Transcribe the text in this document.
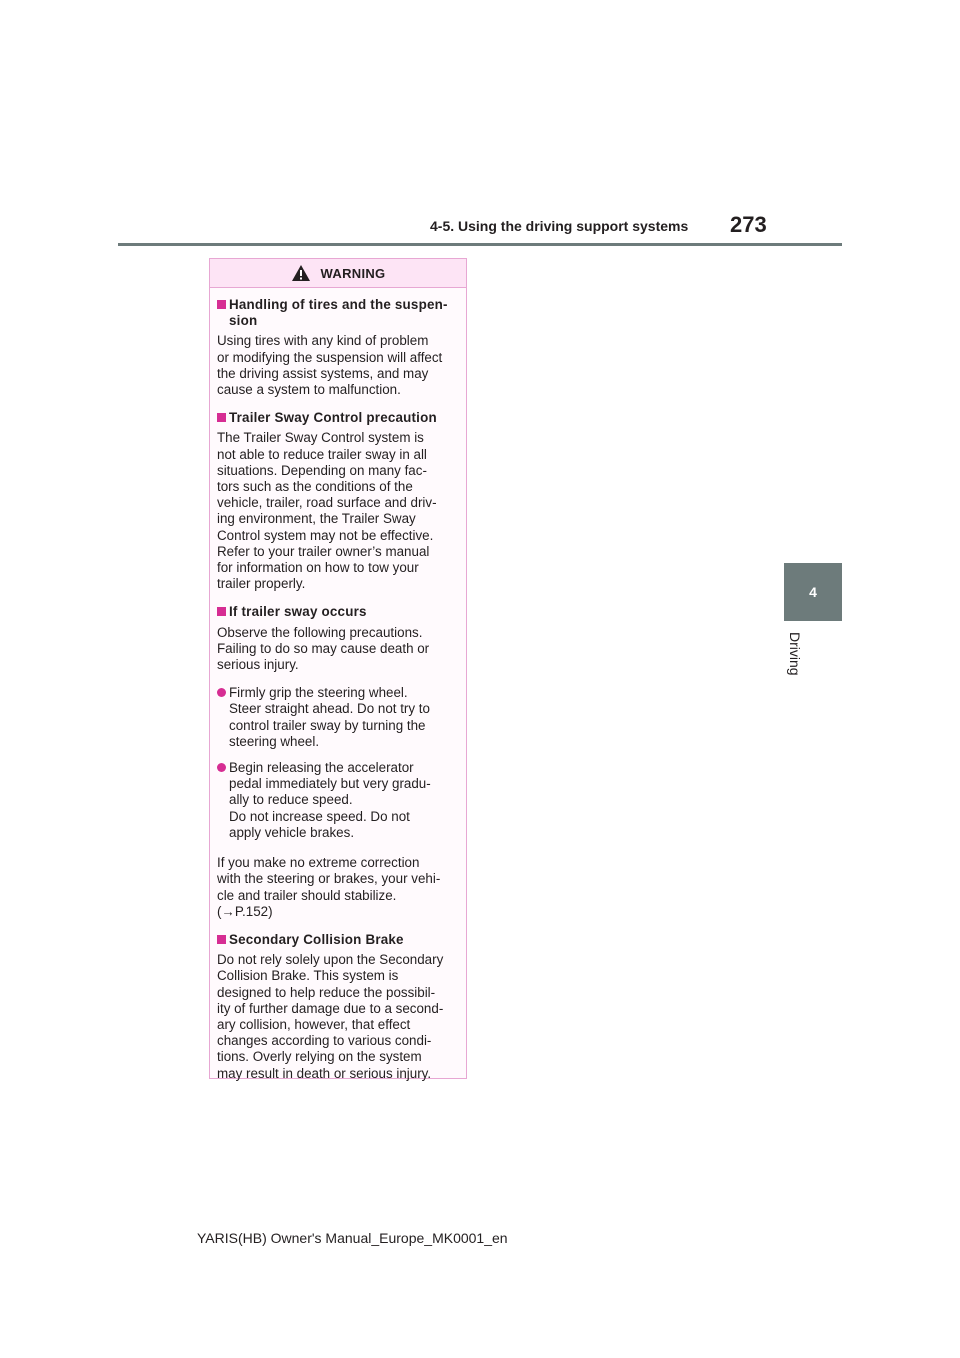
4-5. Using the driving support systems 273
4
Driving
WARNING
Handling of tires and the suspen-
sion

Using tires with any kind of problem
or modifying the suspension will affect
the driving assist systems, and may
cause a system to malfunction.

Trailer Sway Control precaution

The Trailer Sway Control system is
not able to reduce trailer sway in all
situations. Depending on many fac-
tors such as the conditions of the
vehicle, trailer, road surface and driv-
ing environment, the Trailer Sway
Control system may not be effective.
Refer to your trailer owner’s manual
for information on how to tow your
trailer properly.

If trailer sway occurs

Observe the following precautions.
Failing to do so may cause death or
serious injury.

Firmly grip the steering wheel.
Steer straight ahead. Do not try to
control trailer sway by turning the
steering wheel.
Begin releasing the accelerator
pedal immediately but very gradu-
ally to reduce speed.
Do not increase speed. Do not
apply vehicle brakes.

If you make no extreme correction
with the steering or brakes, your vehi-
cle and trailer should stabilize.
(→P.152)

Secondary Collision Brake

Do not rely solely upon the Secondary
Collision Brake. This system is
designed to help reduce the possibil-
ity of further damage due to a second-
ary collision, however, that effect
changes according to various condi-
tions. Overly relying on the system
may result in death or serious injury.

YARIS(HB) Owner's Manual_Europe_MK0001_en
